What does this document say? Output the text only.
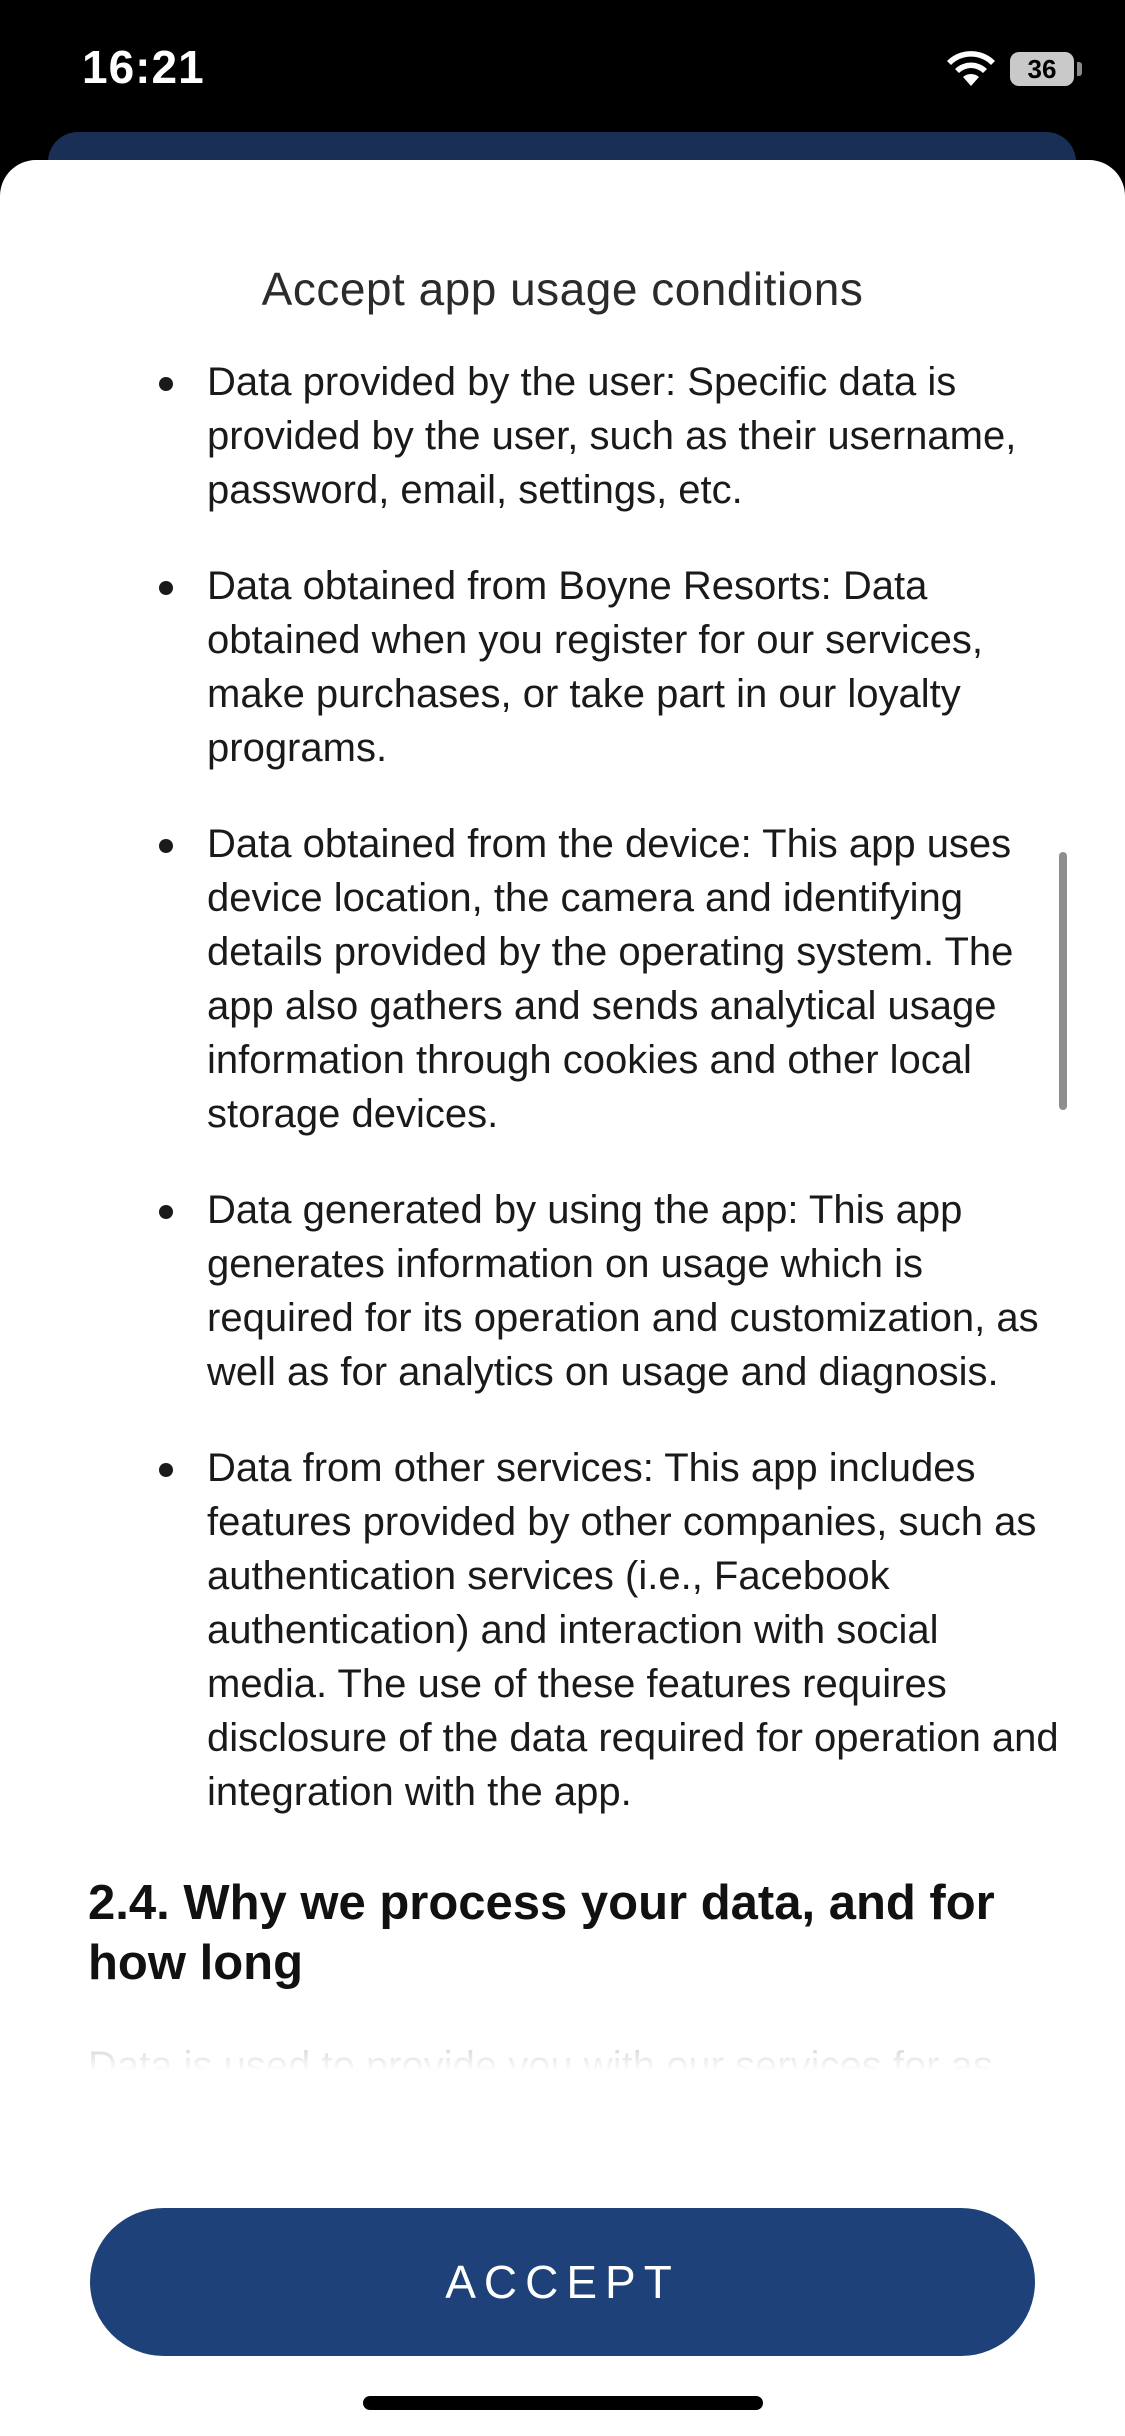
16:21	36
Accept app usage conditions
Data provided by the user: Specific data is provided by the user, such as their username, password, email, settings, etc.
Data obtained from Boyne Resorts: Data obtained when you register for our services, make purchases, or take part in our loyalty programs.
Data obtained from the device: This app uses device location, the camera and identifying details provided by the operating system. The app also gathers and sends analytical usage information through cookies and other local storage devices.
Data generated by using the app: This app generates information on usage which is required for its operation and customization, as well as for analytics on usage and diagnosis.
Data from other services: This app includes features provided by other companies, such as authentication services (i.e., Facebook authentication) and interaction with social media. The use of these features requires disclosure of the data required for operation and integration with the app.
2.4. Why we process your data, and for how long
ACCEPT
